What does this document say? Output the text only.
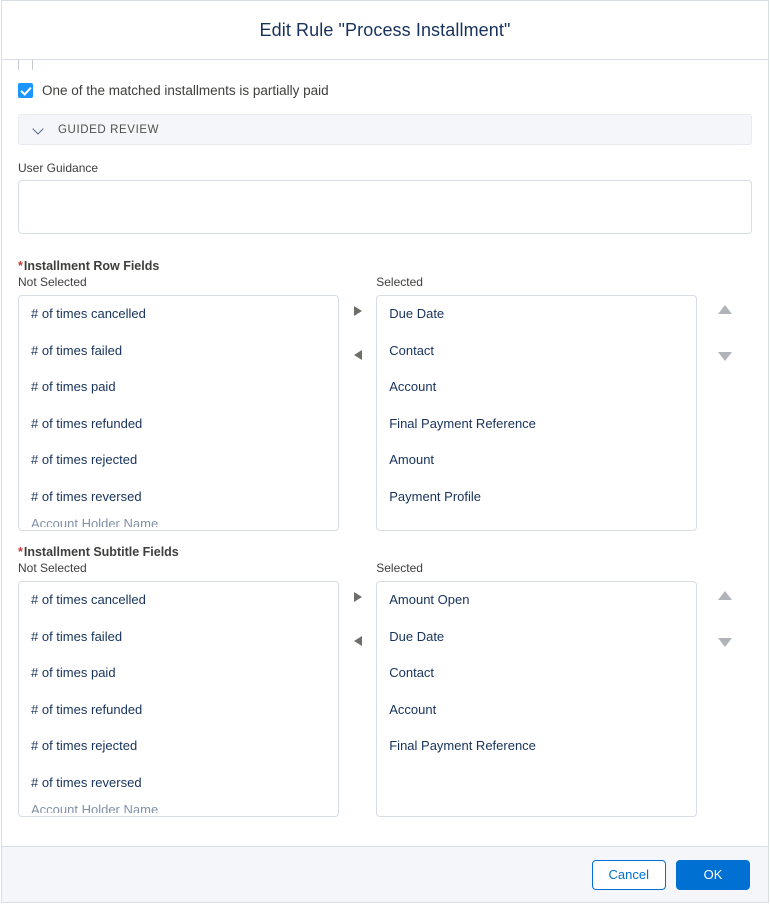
Edit Rule "Process Installment"
One of the matched installments is partially paid
GUIDED REVIEW
User Guidance
*Installment Row Fields
Not Selected
# of times cancelled
# of times failed
# of times paid
# of times refunded
# of times rejected
# of times reversed
Account Holder Name
Selected
Due Date
Contact
Account
Final Payment Reference
Amount
Payment Profile
*Installment Subtitle Fields
Not Selected
# of times cancelled
# of times failed
# of times paid
# of times refunded
# of times rejected
# of times reversed
Account Holder Name
Selected
Amount Open
Due Date
Contact
Account
Final Payment Reference
Cancel	OK
